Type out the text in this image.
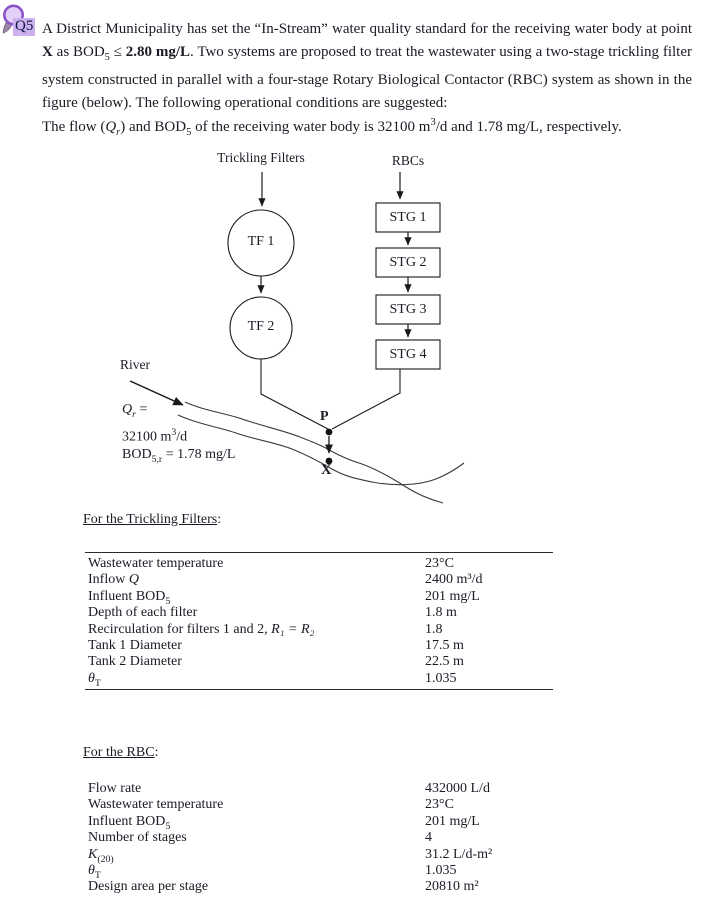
Q5 A District Municipality has set the “In-Stream” water quality standard for the receiving water body at point X as $BOD_5 \le 2.80$ mg/L. Two systems are proposed to treat the wastewater using a two-stage trickling filter system constructed in parallel with a four-stage Rotary Biological Contactor (RBC) system as shown in the figure (below). The following operational conditions are suggested:
The flow $(Q_r)$ and $BOD_5$ of the receiving water body is 32100 $m^3/d$ and 1.78 mg/L, respectively.
Trickling Filters	RBCs
TF 1
TF 2
STG 1
STG 2
STG 3
STG 4
River
$Q_r$ =
32100 $m^3/d$
$BOD_{5,r} = 1.78$ mg/L
P
X
For the Trickling Filters:
Wastewater temperature	23°C
Inflow Q	2400 m³/d
Influent $BOD_5$	201 mg/L
Depth of each filter	1.8 m
Recirculation for filters 1 and 2, R₁ = R₂	1.8
Tank 1 Diameter	17.5 m
Tank 2 Diameter	22.5 m
$\theta_T$	1.035
For the RBC:
Flow rate	432000 L/d
Wastewater temperature	23°C
Influent $BOD_5$	201 mg/L
Number of stages	4
$K_{(20)}$	31.2 L/d-m²
$\theta_T$	1.035
Design area per stage	20810 m²
